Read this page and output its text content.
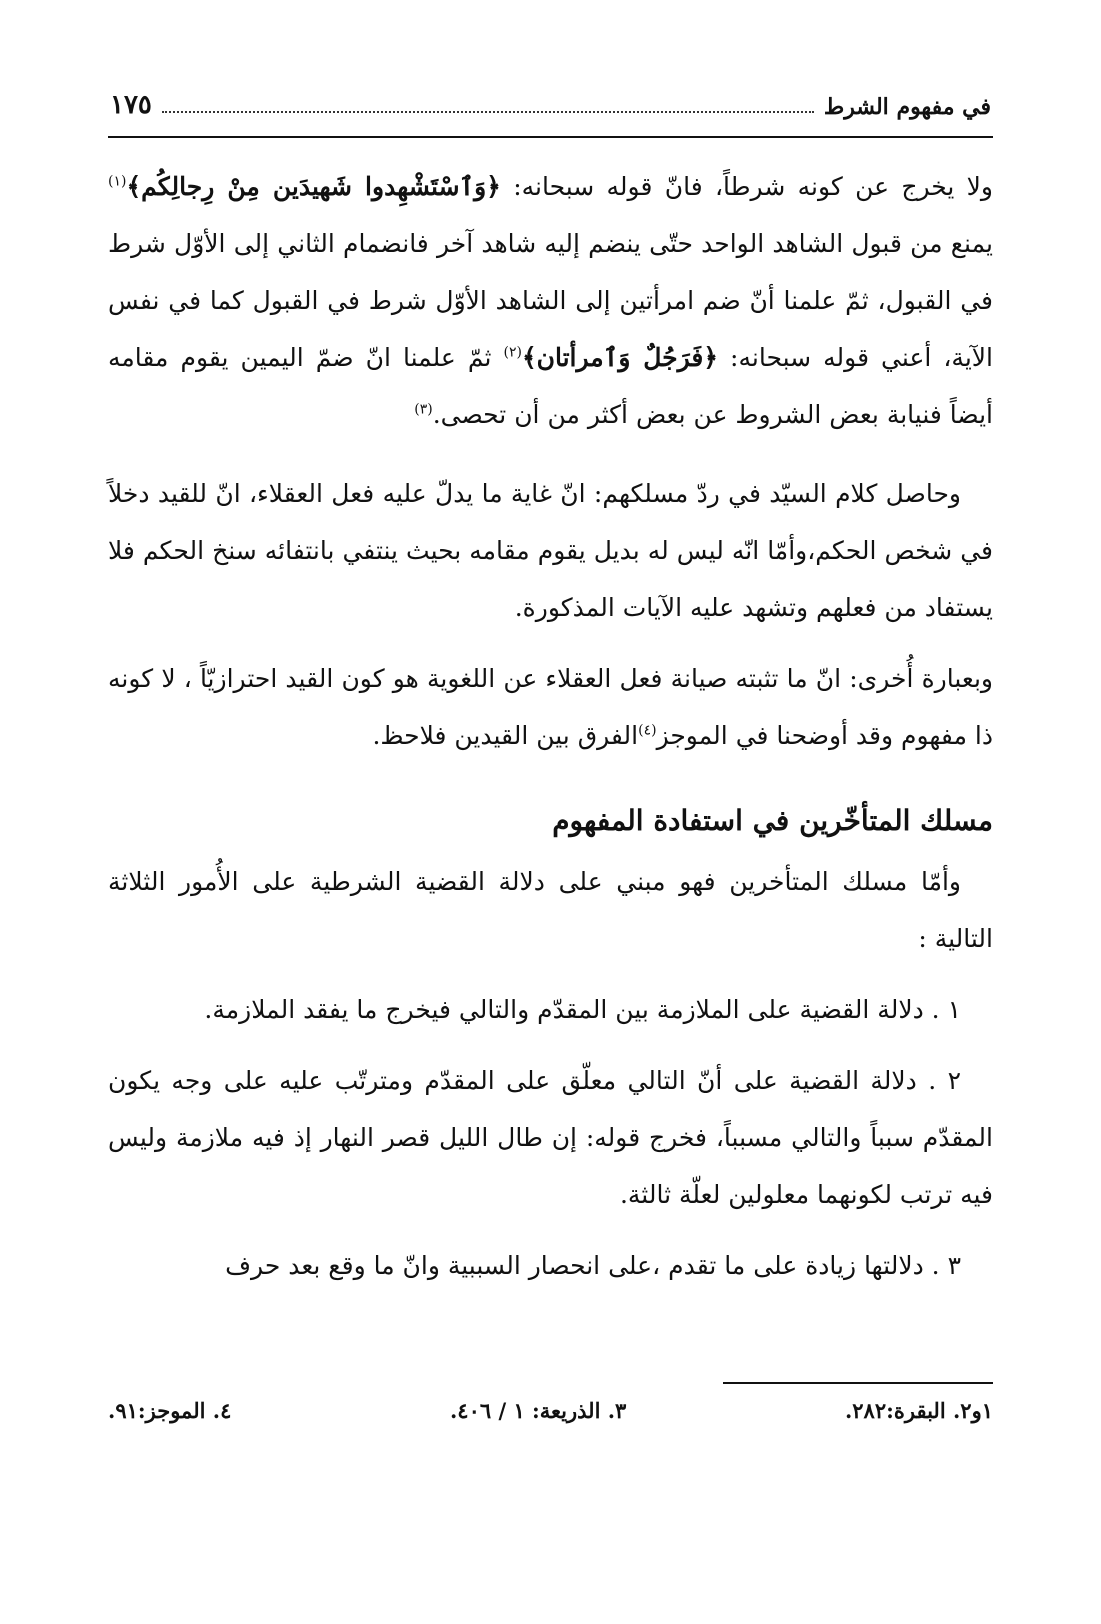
في مفهوم الشرط
١٧٥

ولا يخرج عن كونه شرطاً، فانّ قوله سبحانه: ﴿وَٱسْتَشْهِدوا شَهيدَين مِنْ رِجالِكُم﴾$^{(١)}$ يمنع من قبول الشاهد الواحد حتّى ينضم إليه شاهد آخر فانضمام الثاني إلى الأوّل شرط في القبول، ثمّ علمنا أنّ ضم امرأتين إلى الشاهد الأوّل شرط في القبول كما في نفس الآية، أعني قوله سبحانه: ﴿فَرَجُلٌ وَٱمرأتان﴾$^{(٢)}$ ثمّ علمنا انّ ضمّ اليمين يقوم مقامه أيضاً فنيابة بعض الشروط عن بعض أكثر من أن تحصى.$^{(٣)}$

وحاصل كلام السيّد في ردّ مسلكهم: انّ غاية ما يدلّ عليه فعل العقلاء، انّ للقيد دخلاً في شخص الحكم،وأمّا انّه ليس له بديل يقوم مقامه بحيث ينتفي بانتفائه سنخ الحكم فلا يستفاد من فعلهم وتشهد عليه الآيات المذكورة.

وبعبارة أُخرى: انّ ما تثبته صيانة فعل العقلاء عن اللغوية هو كون القيد احترازيّاً ، لا كونه ذا مفهوم وقد أوضحنا في الموجز$^{(٤)}$الفرق بين القيدين فلاحظ.

مسلك المتأخّرين في استفادة المفهوم

وأمّا مسلك المتأخرين فهو مبني على دلالة القضية الشرطية على الأُمور الثلاثة التالية :

١ . دلالة القضية على الملازمة بين المقدّم والتالي فيخرج ما يفقد الملازمة.

٢ . دلالة القضية على أنّ التالي معلّق على المقدّم ومترتّب عليه على وجه يكون المقدّم سبباً والتالي مسبباً، فخرج قوله: إن طال الليل قصر النهار إذ فيه ملازمة وليس فيه ترتب لكونهما معلولين لعلّة ثالثة.

٣ . دلالتها زيادة على ما تقدم ،على انحصار السببية وانّ ما وقع بعد حرف

١و٢. البقرة:٢٨٢.
٣. الذريعة: ١ / ٤٠٦.
٤. الموجز:٩١.
